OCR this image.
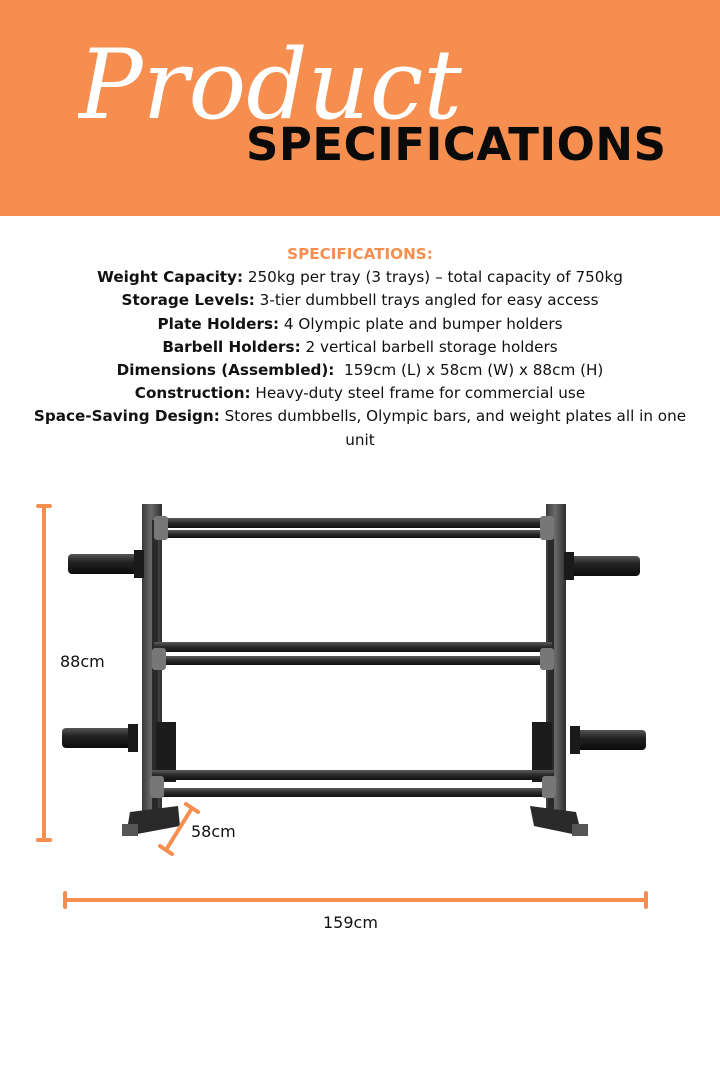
Product
SPECIFICATIONS

SPECIFICATIONS:

Weight Capacity: 250kg per tray (3 trays) – total capacity of 750kg

Storage Levels: 3-tier dumbbell trays angled for easy access

Plate Holders: 4 Olympic plate and bumper holders

Barbell Holders: 2 vertical barbell storage holders

Dimensions (Assembled):  159cm (L) x 58cm (W) x 88cm (H)

Construction: Heavy-duty steel frame for commercial use

Space-Saving Design: Stores dumbbells, Olympic bars, and weight plates all in one unit

88cm
58cm
159cm
